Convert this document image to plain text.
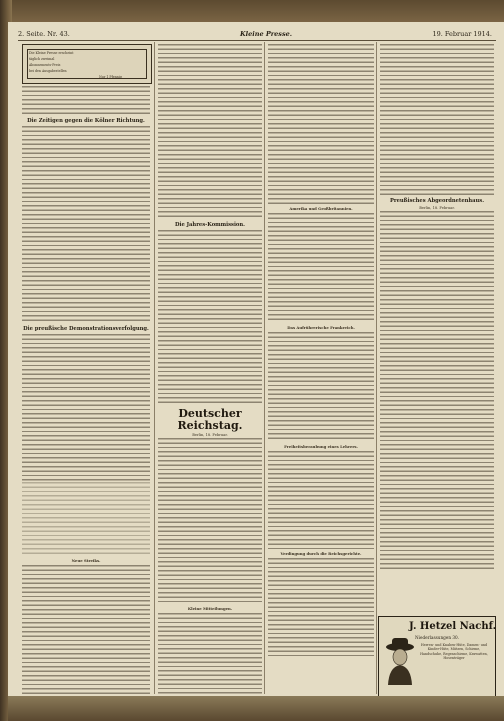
2. Seite. Nr. 43.	Kleine Presse.	19. Februar 1914.
Die Kleine Presse erscheint
täglich zweimal
Abonnements-Preis
bei den Ausgabestellen
Nur 1 Pfennig
Die Zeitigen gegen die Kölner Richtung.
Die preußische Demonstrationsverfolgung.
Neue Streiks.
Die Jahres-Kommission.
Deutscher Reichstag.
Berlin, 18. Februar.
Kleine Mitteilungen.
Amerika und Großbritannien.
Das Aufrührerische Frankreich.
Freiheitsberaubung eines Lehrers.
Verdingung durch die Reichsgerichte.
Preußisches Abgeordnetenhaus.
Berlin, 18. Februar.
J. Hetzel Nachf.
Niederlassungen 30.
Herren- und Knaben-Hüte, Damen- und Kinder-Hüte, Mützen, Schirme, Handschuhe, Regenschirme, Krawatten, Hosenträger
